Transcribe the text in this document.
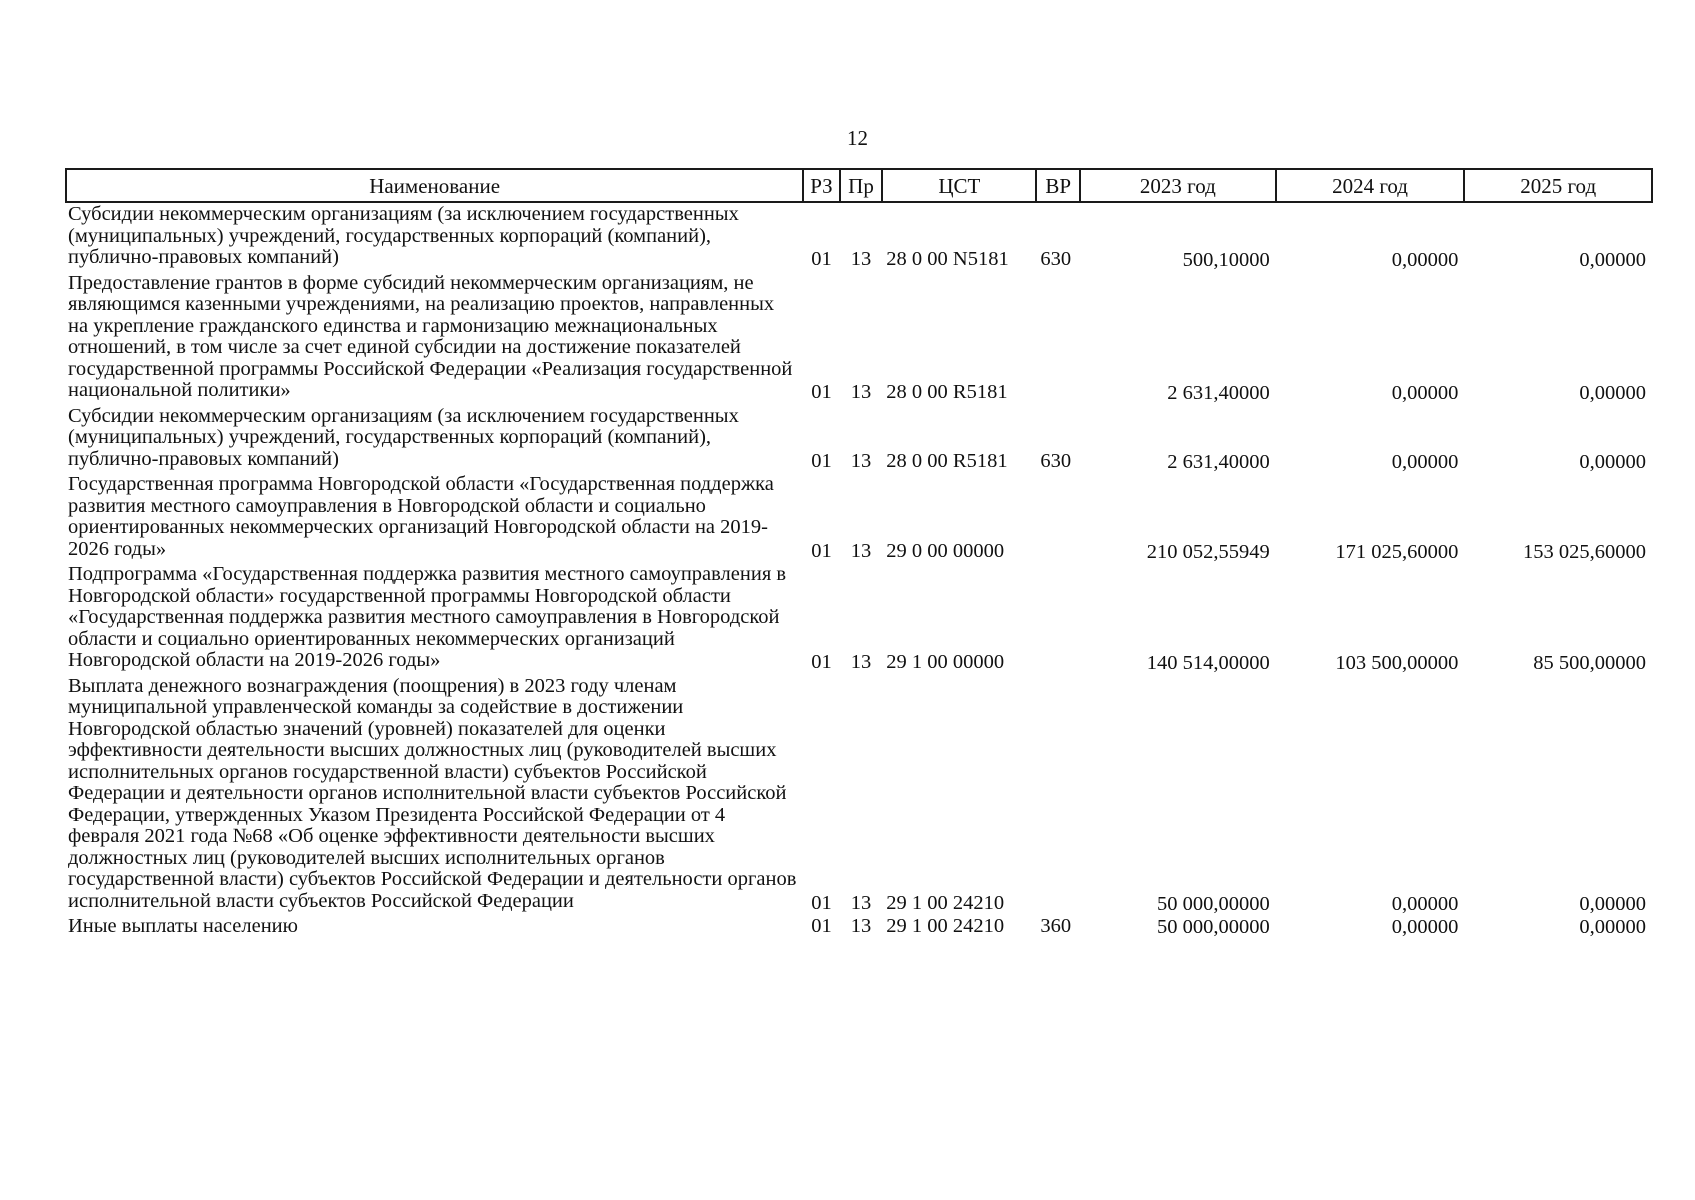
12
Наименование	РЗ	Пр	ЦСТ	ВР	2023 год	2024 год	2025 год
Субсидии некоммерческим организациям (за исключением государственных (муниципальных) учреждений, государственных корпораций (компаний), публично-правовых компаний)	01	13	28 0 00 N5181	630	500,10000	0,00000	0,00000
Предоставление грантов в форме субсидий некоммерческим организациям, не являющимся казенными учреждениями, на реализацию проектов, направленных на укрепление гражданского единства и гармонизацию межнациональных отношений, в том числе за счет единой субсидии на достижение показателей государственной программы Российской Федерации «Реализация государственной национальной политики»	01	13	28 0 00 R5181		2 631,40000	0,00000	0,00000
Субсидии некоммерческим организациям (за исключением государственных (муниципальных) учреждений, государственных корпораций (компаний), публично-правовых компаний)	01	13	28 0 00 R5181	630	2 631,40000	0,00000	0,00000
Государственная программа Новгородской области «Государственная поддержка развития местного самоуправления в Новгородской области и социально ориентированных некоммерческих организаций Новгородской области на 2019-2026 годы»	01	13	29 0 00 00000		210 052,55949	171 025,60000	153 025,60000
Подпрограмма «Государственная поддержка развития местного самоуправления в Новгородской области» государственной программы Новгородской области «Государственная поддержка развития местного самоуправления в Новгородской области и социально ориентированных некоммерческих организаций Новгородской области на 2019-2026 годы»	01	13	29 1 00 00000		140 514,00000	103 500,00000	85 500,00000
Выплата денежного вознаграждения (поощрения) в 2023 году членам муниципальной управленческой команды за содействие в достижении Новгородской областью значений (уровней) показателей для оценки эффективности деятельности высших должностных лиц (руководителей высших исполнительных органов государственной власти) субъектов Российской Федерации и деятельности органов исполнительной власти субъектов Российской Федерации, утвержденных Указом Президента Российской Федерации от 4 февраля 2021 года №68 «Об оценке эффективности деятельности высших должностных лиц (руководителей высших исполнительных органов государственной власти) субъектов Российской Федерации и деятельности органов исполнительной власти субъектов Российской Федерации	01	13	29 1 00 24210		50 000,00000	0,00000	0,00000
Иные выплаты населению	01	13	29 1 00 24210	360	50 000,00000	0,00000	0,00000
